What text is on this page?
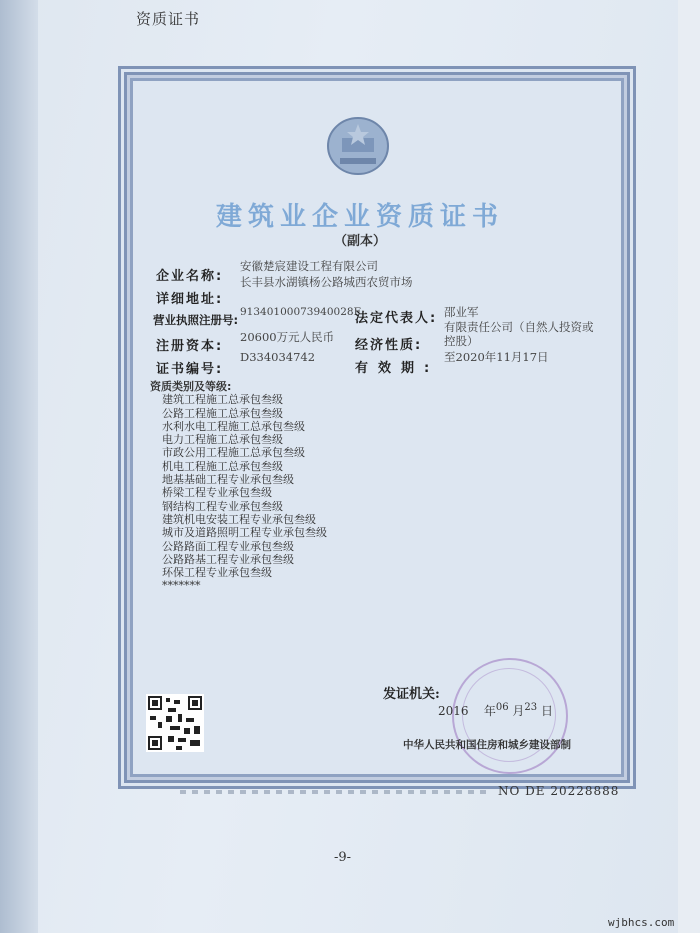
资质证书
建筑业企业资质证书
（副本）
企业名称:
安徽楚宸建设工程有限公司
详细地址:
长丰县水湖镇杨公路城西农贸市场
营业执照注册号:
91340100073940028F
法定代表人: 邵业军
注册资本:
20600万元人民币
经济性质:
有限责任公司（自然人投资或控股）
证书编号:
D334034742
有效期:
至2020年11月17日
资质类别及等级:
建筑工程施工总承包叁级
公路工程施工总承包叁级
水利水电工程施工总承包叁级
电力工程施工总承包叁级
市政公用工程施工总承包叁级
机电工程施工总承包叁级
地基基础工程专业承包叁级
桥梁工程专业承包叁级
钢结构工程专业承包叁级
建筑机电安装工程专业承包叁级
城市及道路照明工程专业承包叁级
公路路面工程专业承包叁级
公路路基工程专业承包叁级
环保工程专业承包叁级
*******
发证机关:
2016 年$^{06}$ 月$^{23}$ 日
中华人民共和国住房和城乡建设部制
NO DE 20228888
-9-
wjbhcs.com
